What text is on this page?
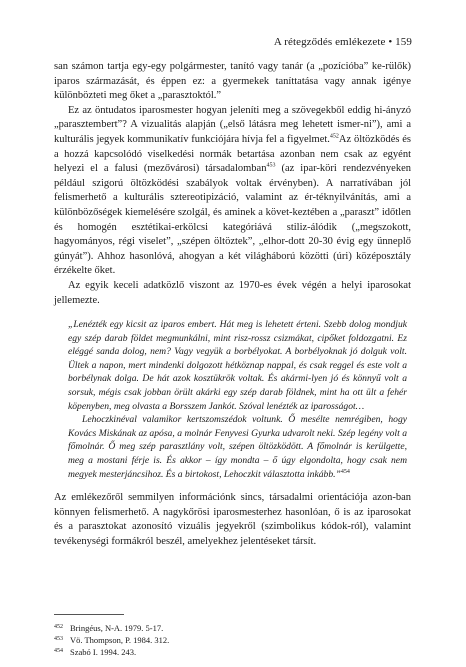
A rétegződés emlékezete • 159

san számon tartja egy-egy polgármester, tanító vagy tanár (a „pozícióba” ke-rülők) iparos származását, és éppen ez: a gyermekek taníttatása vagy annak igénye különbözteti meg őket a „parasztoktól.”

Ez az öntudatos iparosmester hogyan jeleníti meg a szövegekből eddig hi-ányzó „parasztembert”? A vizualitás alapján („első látásra meg lehetett ismer-ni”), ami a kulturális jegyek kommunikatív funkciójára hívja fel a figyelmet.$^{452}$Az öltözködés és a hozzá kapcsolódó viselkedési normák betartása azonban nem csak az egyént helyezi el a falusi (mezővárosi) társadalomban$^{453}$ (az ipar-köri rendezvényeken például szigorú öltözködési szabályok voltak érvényben). A narratívában jól felismerhető a kulturális sztereotipizáció, valamint az ér-téknyilvánítás, ami a különbözőségek kiemelésére szolgál, és aminek a követ-keztében a „paraszt” időtlen és homogén esztétikai-erkölcsi kategóriává stiliz-álódik („megszokott, hagyományos, régi viselet”, „szépen öltöztek”, „elhor-dott 20-30 évig egy ünneplő gúnyát”). Ahhoz hasonlóvá, ahogyan a két világháború közötti (úri) középosztály érzékelte őket.

Az egyik keceli adatközlő viszont az 1970-es évek végén a helyi iparosokat jellemezte.

„Lenézték egy kicsit az iparos embert. Hát meg is lehetett érteni. Szebb dolog mondjuk egy szép darab földet megmunkálni, mint risz-rossz csizmákat, cipőket foldozgatni. Ez eléggé sanda dolog, nem? Vagy vegyük a borbélyokat. A borbélyoknak jó dolguk volt. Ültek a napon, mert mindenki dolgozott hétköznap nappal, és csak reggel és este volt a borbélynak dolga. De hát azok kosztükrök voltak. És akármi-lyen jó és könnyű volt a sorsuk, mégis csak jobban örült akárki egy szép darab földnek, mint ha ott ült a fehér köpenyben, meg olvasta a Borsszem Jankót. Szóval lenézték az iparosságot…

Lehoczkinéval valamikor kertszomszédok voltunk. Ő mesélte nemrégiben, hogy Kovács Miskának az apósa, a molnár Fenyvesi Gyurka udvarolt neki. Szép legény volt a főmolnár. Ő meg szép parasztlány volt, szépen öltözködött. A főmolnár is kerülgette, meg a mostani férje is. És akkor – így mondta – ő úgy elgondolta, hogy csak nem megyek mesterjáncsihoz. És a birtokost, Lehoczkit választotta inkább.”$^{454}$

Az emlékezőről semmilyen információnk sincs, társadalmi orientációja azon-ban könnyen felismerhető. A nagykőrösi iparosmesterhez hasonlóan, ő is az iparosokat és a parasztokat azonosító vizuális jegyekről (szimbolikus kódok-ról), valamint tevékenységi formákról beszél, amelyekhez jelentéseket társít.

452 Bringéus, N-A. 1979. 5-17.
453 Vö. Thompson, P. 1984. 312.
454 Szabó I. 1994. 243.
